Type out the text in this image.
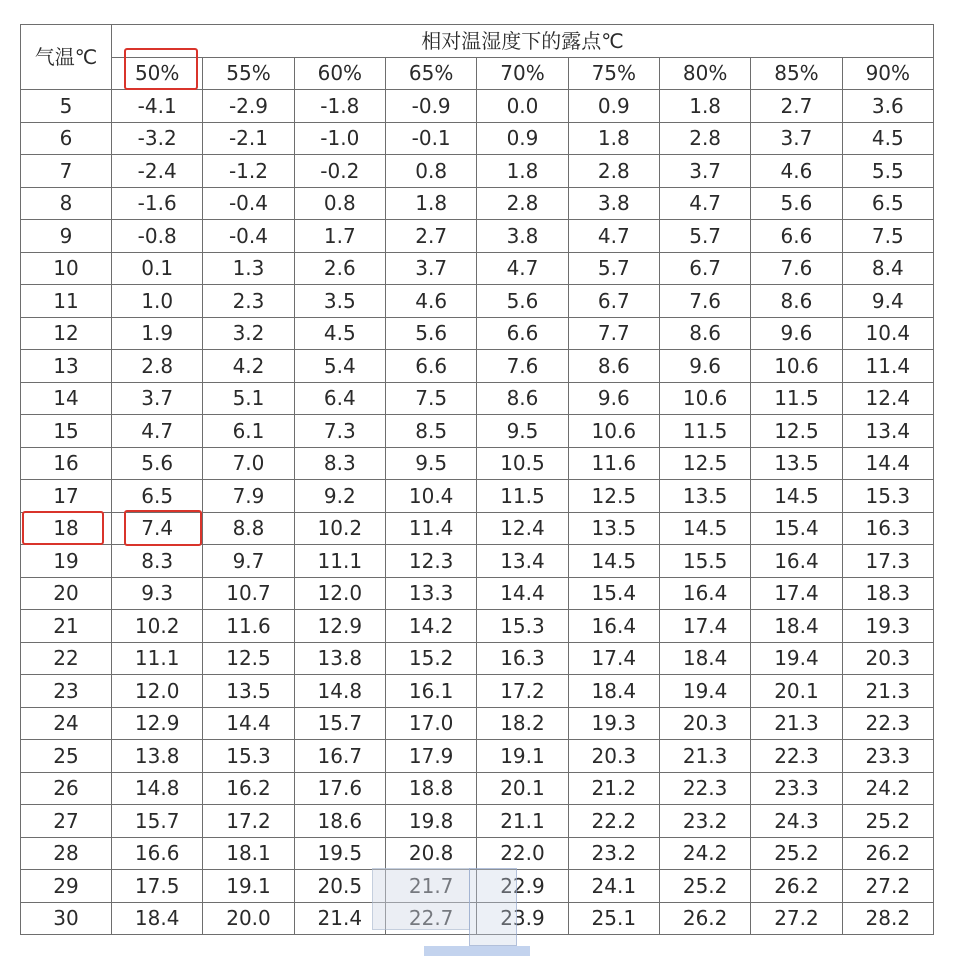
气温℃	相对温湿度下的露点℃								
	50%	55%	60%	65%	70%	75%	80%	85%	90%
5	-4.1	-2.9	-1.8	-0.9	0.0	0.9	1.8	2.7	3.6
6	-3.2	-2.1	-1.0	-0.1	0.9	1.8	2.8	3.7	4.5
7	-2.4	-1.2	-0.2	0.8	1.8	2.8	3.7	4.6	5.5
8	-1.6	-0.4	0.8	1.8	2.8	3.8	4.7	5.6	6.5
9	-0.8	-0.4	1.7	2.7	3.8	4.7	5.7	6.6	7.5
10	0.1	1.3	2.6	3.7	4.7	5.7	6.7	7.6	8.4
11	1.0	2.3	3.5	4.6	5.6	6.7	7.6	8.6	9.4
12	1.9	3.2	4.5	5.6	6.6	7.7	8.6	9.6	10.4
13	2.8	4.2	5.4	6.6	7.6	8.6	9.6	10.6	11.4
14	3.7	5.1	6.4	7.5	8.6	9.6	10.6	11.5	12.4
15	4.7	6.1	7.3	8.5	9.5	10.6	11.5	12.5	13.4
16	5.6	7.0	8.3	9.5	10.5	11.6	12.5	13.5	14.4
17	6.5	7.9	9.2	10.4	11.5	12.5	13.5	14.5	15.3
18	7.4	8.8	10.2	11.4	12.4	13.5	14.5	15.4	16.3
19	8.3	9.7	11.1	12.3	13.4	14.5	15.5	16.4	17.3
20	9.3	10.7	12.0	13.3	14.4	15.4	16.4	17.4	18.3
21	10.2	11.6	12.9	14.2	15.3	16.4	17.4	18.4	19.3
22	11.1	12.5	13.8	15.2	16.3	17.4	18.4	19.4	20.3
23	12.0	13.5	14.8	16.1	17.2	18.4	19.4	20.1	21.3
24	12.9	14.4	15.7	17.0	18.2	19.3	20.3	21.3	22.3
25	13.8	15.3	16.7	17.9	19.1	20.3	21.3	22.3	23.3
26	14.8	16.2	17.6	18.8	20.1	21.2	22.3	23.3	24.2
27	15.7	17.2	18.6	19.8	21.1	22.2	23.2	24.3	25.2
28	16.6	18.1	19.5	20.8	22.0	23.2	24.2	25.2	26.2
29	17.5	19.1	20.5	21.7	22.9	24.1	25.2	26.2	27.2
30	18.4	20.0	21.4	22.7	23.9	25.1	26.2	27.2	28.2
